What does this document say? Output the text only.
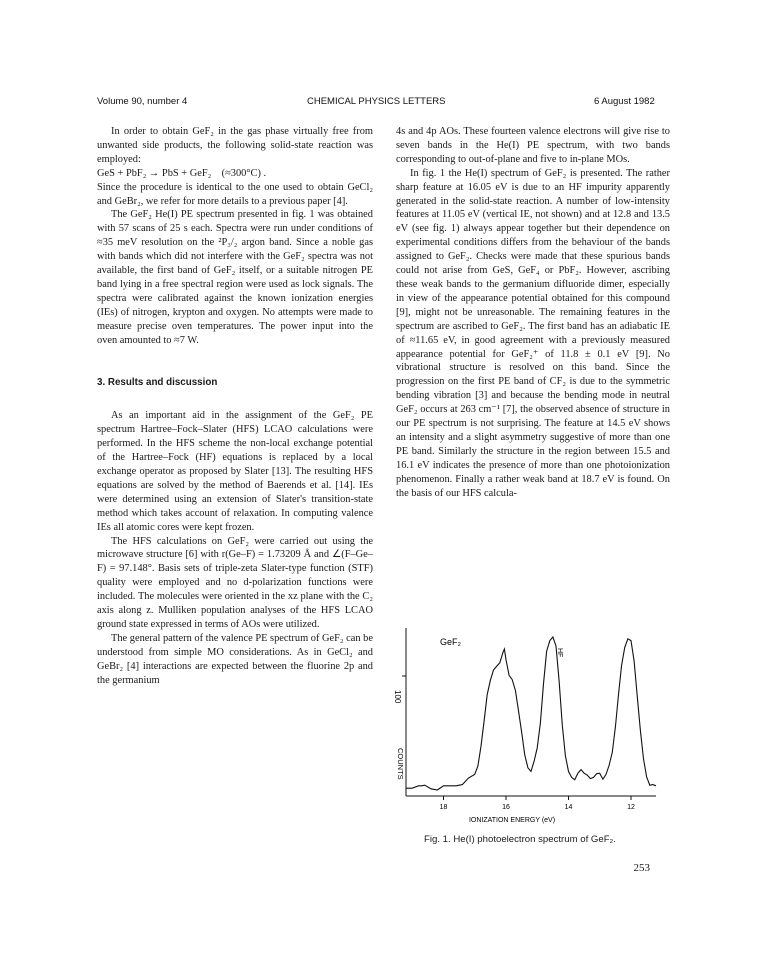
Volume 90, number 4	CHEMICAL PHYSICS LETTERS	6 August 1982

In order to obtain GeF₂ in the gas phase virtually free from unwanted side products, the following solid-state reaction was employed:

GeS + PbF₂ → PbS + GeF₂    (≈300°C) .

Since the procedure is identical to the one used to obtain GeCl₂ and GeBr₂, we refer for more details to a previous paper [4].

The GeF₂ He(I) PE spectrum presented in fig. 1 was obtained with 57 scans of 25 s each. Spectra were run under conditions of ≈35 meV resolution on the ²P₃/₂ argon band. Since a noble gas with bands which did not interfere with the GeF₂ spectra was not available, the first band of GeF₂ itself, or a suitable nitrogen PE band lying in a free spectral region were used as lock signals. The spectra were calibrated against the known ionization energies (IEs) of nitrogen, krypton and oxygen. No attempts were made to measure precise oven temperatures. The power input into the oven amounted to ≈7 W.

3. Results and discussion

As an important aid in the assignment of the GeF₂ PE spectrum Hartree–Fock–Slater (HFS) LCAO calculations were performed. In the HFS scheme the non-local exchange potential of the Hartree–Fock (HF) equations is replaced by a local exchange operator as proposed by Slater [13]. The resulting HFS equations are solved by the method of Baerends et al. [14]. IEs were determined using an extension of Slater's transition-state method which takes account of relaxation. In computing valence IEs all atomic cores were kept frozen.

The HFS calculations on GeF₂ were carried out using the microwave structure [6] with r(Ge–F) = 1.73209 Å and ∠(F–Ge–F) = 97.148°. Basis sets of triple-zeta Slater-type function (STF) quality were employed and no d-polarization functions were included. The molecules were oriented in the xz plane with the C₂ axis along z. Mulliken population analyses of the HFS LCAO ground state expressed in terms of AOs were utilized.

The general pattern of the valence PE spectrum of GeF₂ can be understood from simple MO considerations. As in GeCl₂ and GeBr₂ [4] interactions are expected between the fluorine 2p and the germanium

4s and 4p AOs. These fourteen valence electrons will give rise to seven bands in the He(I) PE spectrum, with two bands corresponding to out-of-plane and five to in-plane MOs.

In fig. 1 the He(I) spectrum of GeF₂ is presented. The rather sharp feature at 16.05 eV is due to an HF impurity apparently generated in the solid-state reaction. A number of low-intensity features at 11.05 eV (vertical IE, not shown) and at 12.8 and 13.5 eV (see fig. 1) always appear together but their dependence on experimental conditions differs from the behaviour of the bands assigned to GeF₂. Checks were made that these spurious bands could not arise from GeS, GeF₄ or PbF₂. However, ascribing these weak bands to the germanium difluoride dimer, especially in view of the appearance potential obtained for this compound [9], might not be unreasonable. The remaining features in the spectrum are ascribed to GeF₂. The first band has an adiabatic IE of ≈11.65 eV, in good agreement with a previously measured appearance potential for GeF₂⁺ of 11.8 ± 0.1 eV [9]. No vibrational structure is resolved on this band. Since the progression on the first PE band of CF₂ is due to the symmetric bending vibration [3] and because the bending mode in neutral GeF₂ occurs at 263 cm⁻¹ [7], the observed absence of structure in our PE spectrum is not surprising. The feature at 14.5 eV shows an intensity and a slight asymmetry suggestive of more than one PE band. Similarly the structure in the region between 15.5 and 16.1 eV indicates the presence of more than one photoionization phenomenon. Finally a rather weak band at 18.7 eV is found. On the basis of our HFS calcula-

18	16	14	12
GeF₂
HF
100
COUNTS
IONIZATION ENERGY (eV)
Fig. 1. He(I) photoelectron spectrum of GeF₂.
253
